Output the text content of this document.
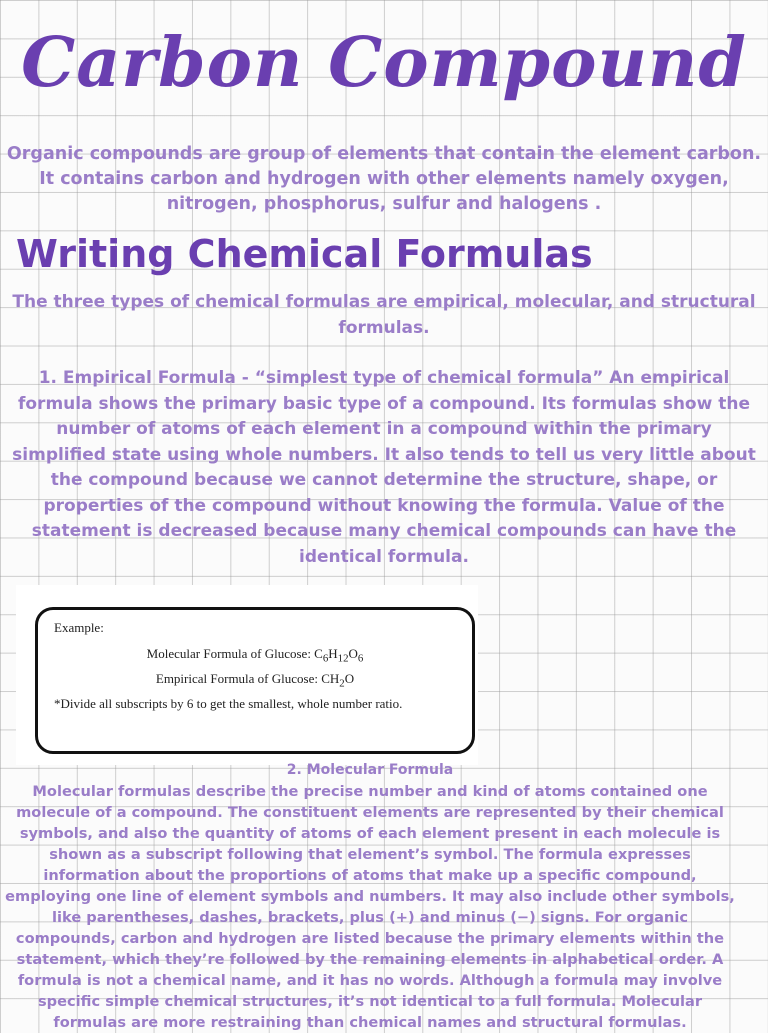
Carbon Compound
Organic compounds are group of elements that contain the element carbon. It contains carbon and hydrogen with other elements namely oxygen, nitrogen, phosphorus, sulfur and halogens .
Writing Chemical Formulas
The three types of chemical formulas are empirical, molecular, and structural formulas.
1. Empirical Formula - “simplest type of chemical formula” An empirical formula shows the primary basic type of a compound. Its formulas show the number of atoms of each element in a compound within the primary simplified state using whole numbers. It also tends to tell us very little about the compound because we cannot determine the structure, shape, or properties of the compound without knowing the formula. Value of the statement is decreased because many chemical compounds can have the identical formula.
Example:
Molecular Formula of Glucose: $C_6H_{12}O_6$
Empirical Formula of Glucose: $CH_2O$
*Divide all subscripts by 6 to get the smallest, whole number ratio.
2. Molecular Formula
Molecular formulas describe the precise number and kind of atoms contained one molecule of a compound. The constituent elements are represented by their chemical symbols, and also the quantity of atoms of each element present in each molecule is shown as a subscript following that element’s symbol. The formula expresses information about the proportions of atoms that make up a specific compound, employing one line of element symbols and numbers. It may also include other symbols, like parentheses, dashes, brackets, plus (+) and minus (−) signs. For organic compounds, carbon and hydrogen are listed because the primary elements within the statement, which they’re followed by the remaining elements in alphabetical order. A formula is not a chemical name, and it has no words. Although a formula may involve specific simple chemical structures, it’s not identical to a full formula. Molecular formulas are more restraining than chemical names and structural formulas.
